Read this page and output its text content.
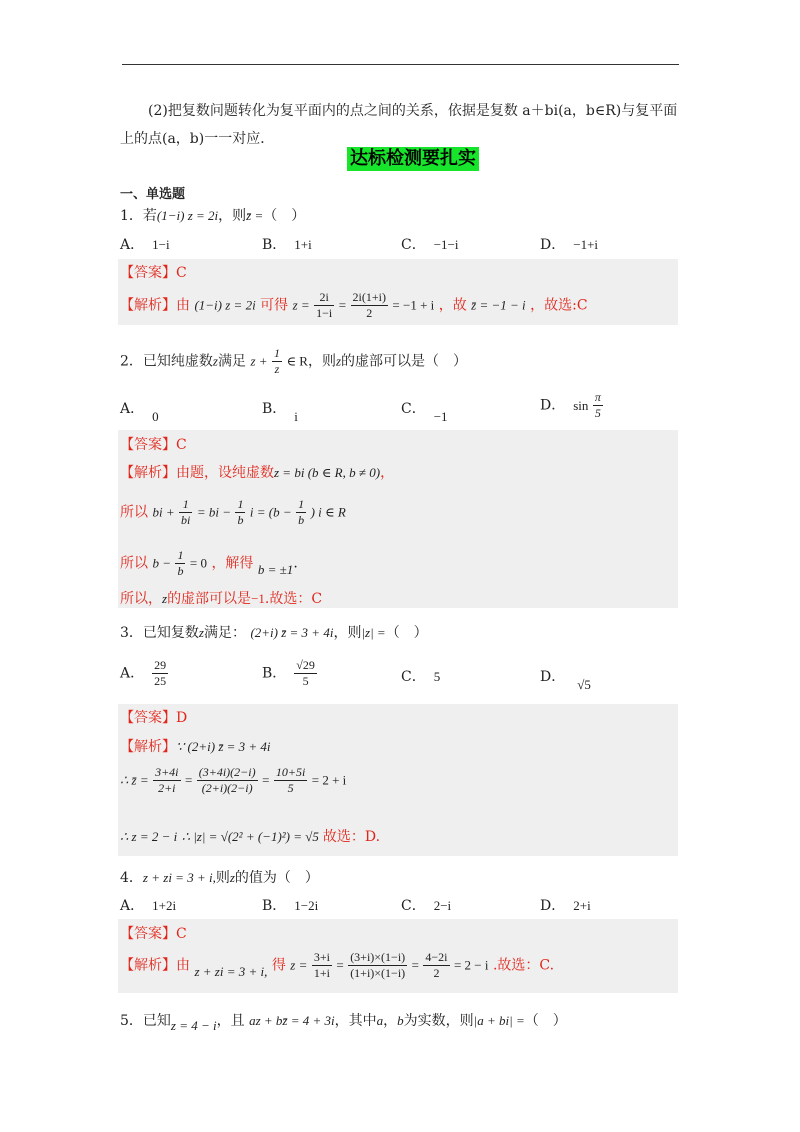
(2)把复数问题转化为复平面内的点之间的关系，依据是复数 a＋bi(a，b∈R)与复平面
上的点(a，b)一一对应．
达标检测要扎实
一、单选题
1．若(1−i) z = 2i，则z̄ =（　）
A． 1−i	B． 1+i	C． −1−i	D． −1+i
【答案】C
【解析】由 (1−i) z = 2i 可得 $z = \frac{2i}{1-i} = \frac{2i(1+i)}{2} = -1 + i$ ，故 z̄ = −1 − i ，故选:C
2．已知纯虚数z满足 $z + \frac{1}{z}$ ∈ R，则z的虚部可以是（　）
A． 0	B． i	C． −1
D． $\sin \frac{\pi}{5}$
【答案】C
【解析】由题，设纯虚数z = bi (b ∈ R, b ≠ 0)，
所以 bi + $\frac{1}{bi}$ = bi − $\frac{1}{b}$ $i = (b - \frac{1}{b}$ ) i ∈ R
所以 $b - \frac{1}{b} = 0$ ，解得 b = ±1.
所以，z的虚部可以是−1.故选：C
3．已知复数z满足： (2+i) z̄ = 3 + 4i，则|z| =（　）
A． $\frac{29}{25}$	B． $\frac{√29}{5}$	C． 5	D． √5
【答案】D
【解析】∵ (2+i) z̄ = 3 + 4i
∴ z̄ = $\frac{3+4i}{2+i} = \frac{(3+4i)(2-i)}{(2+i)(2-i)} = \frac{10+5i}{5} = 2 + i$
∴ z = 2 − i ∴ |z| = √(2² + (−1)²) = √5 故选：D.
4．z + zi = 3 + i,则z的值为（　）
A． 1+2i	B． 1−2i	C． 2−i	D． 2+i
【答案】C
【解析】由 z + zi = 3 + i, 得 $z = \frac{3+i}{1+i} = \frac{(3+i)\times(1-i)}{(1+i)\times(1-i)} = \frac{4-2i}{2} = 2 - i$ .故选：C.
5．已知z = 4 − i，且 az + bz̄ = 4 + 3i，其中a，b为实数，则|a + bi| =（　）
